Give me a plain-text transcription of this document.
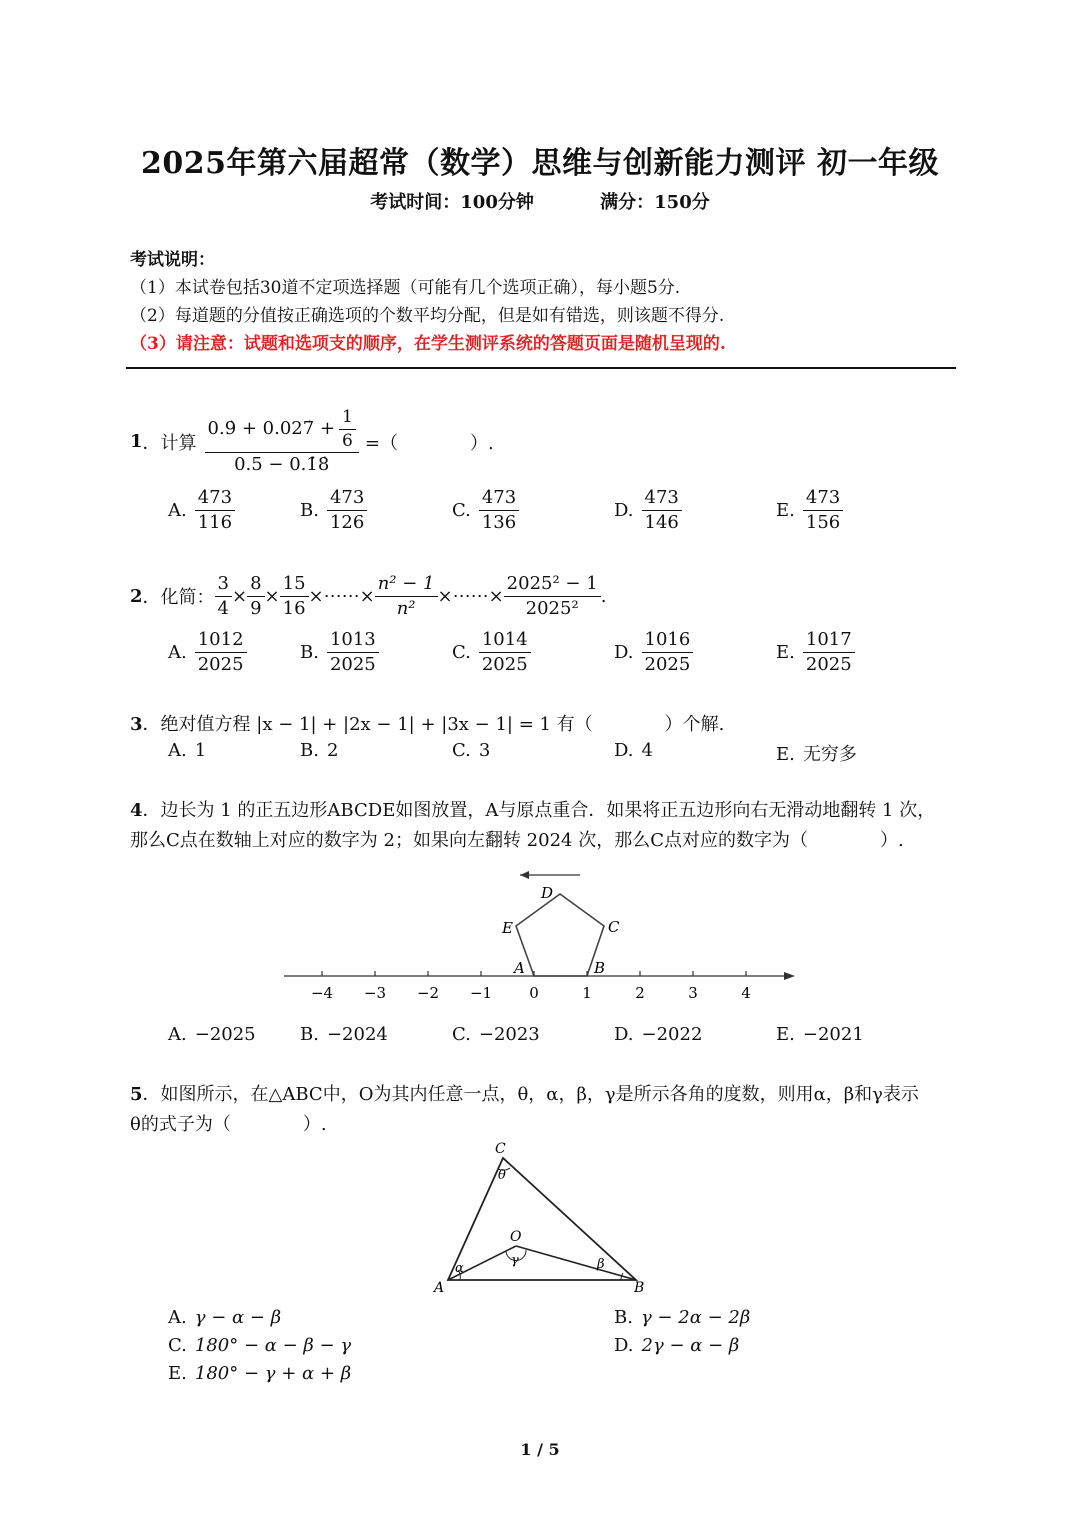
2025年第六届超常（数学）思维与创新能力测评 初一年级
考试时间：100分钟	满分：150分
考试说明：
（1）本试卷包括30道不定项选择题（可能有几个选项正确），每小题5分.
（2）每道题的分值按正确选项的个数平均分配，但是如有错选，则该题不得分.
（3）请注意：试题和选项支的顺序，在学生测评系统的答题页面是随机呈现的.
1 ．计算 $\frac{0.9̇ + 0.027̇ + \frac{1}{6}}{0.5 - 0.1̇8̇}$ =（　　　　）.
A. $\frac{473}{116}$	B. $\frac{473}{126}$	C. $\frac{473}{136}$	D. $\frac{473}{146}$	E. $\frac{473}{156}$
2 ．化简： $\frac{3}{4} \times \frac{8}{9} \times \frac{15}{16}$ ×⋯⋯× $\frac{\text{n² − 1}}{\text{n²}}$ ×⋯⋯× $\frac{\text{2025² − 1}}{\text{2025²}}$ .
A. $\frac{1012}{2025}$	B. $\frac{1013}{2025}$	C. $\frac{1014}{2025}$	D. $\frac{1016}{2025}$	E. $\frac{1017}{2025}$
3．绝对值方程 |x − 1| + |2x − 1| + |3x − 1| = 1 有（　　　　）个解.
A. 1	B. 2	C. 3	D. 4	E. 无穷多
4．边长为 1 的正五边形ABCDE如图放置，A与原点重合．如果将正五边形向右无滑动地翻转 1 次，
那么C点在数轴上对应的数字为 2；如果向左翻转 2024 次，那么C点对应的数字为（　　　　）.
A	B
C
D
E
−4 −3 −2 −1 0	1	2	3	4
A. −2025 B. −2024	C. −2023	D. −2022	E. −2021
5．如图所示，在△ABC中，O为其内任意一点，θ，α，β，γ是所示各角的度数，则用α，β和γ表示
θ的式子为（　　　　）.
C
A	B
O
θ
α	β
γ
A. γ − α − β	B. γ − 2α − 2β
C. 180° − α − β − γ	D. 2γ − α − β
E. 180° − γ + α + β
1 / 5
